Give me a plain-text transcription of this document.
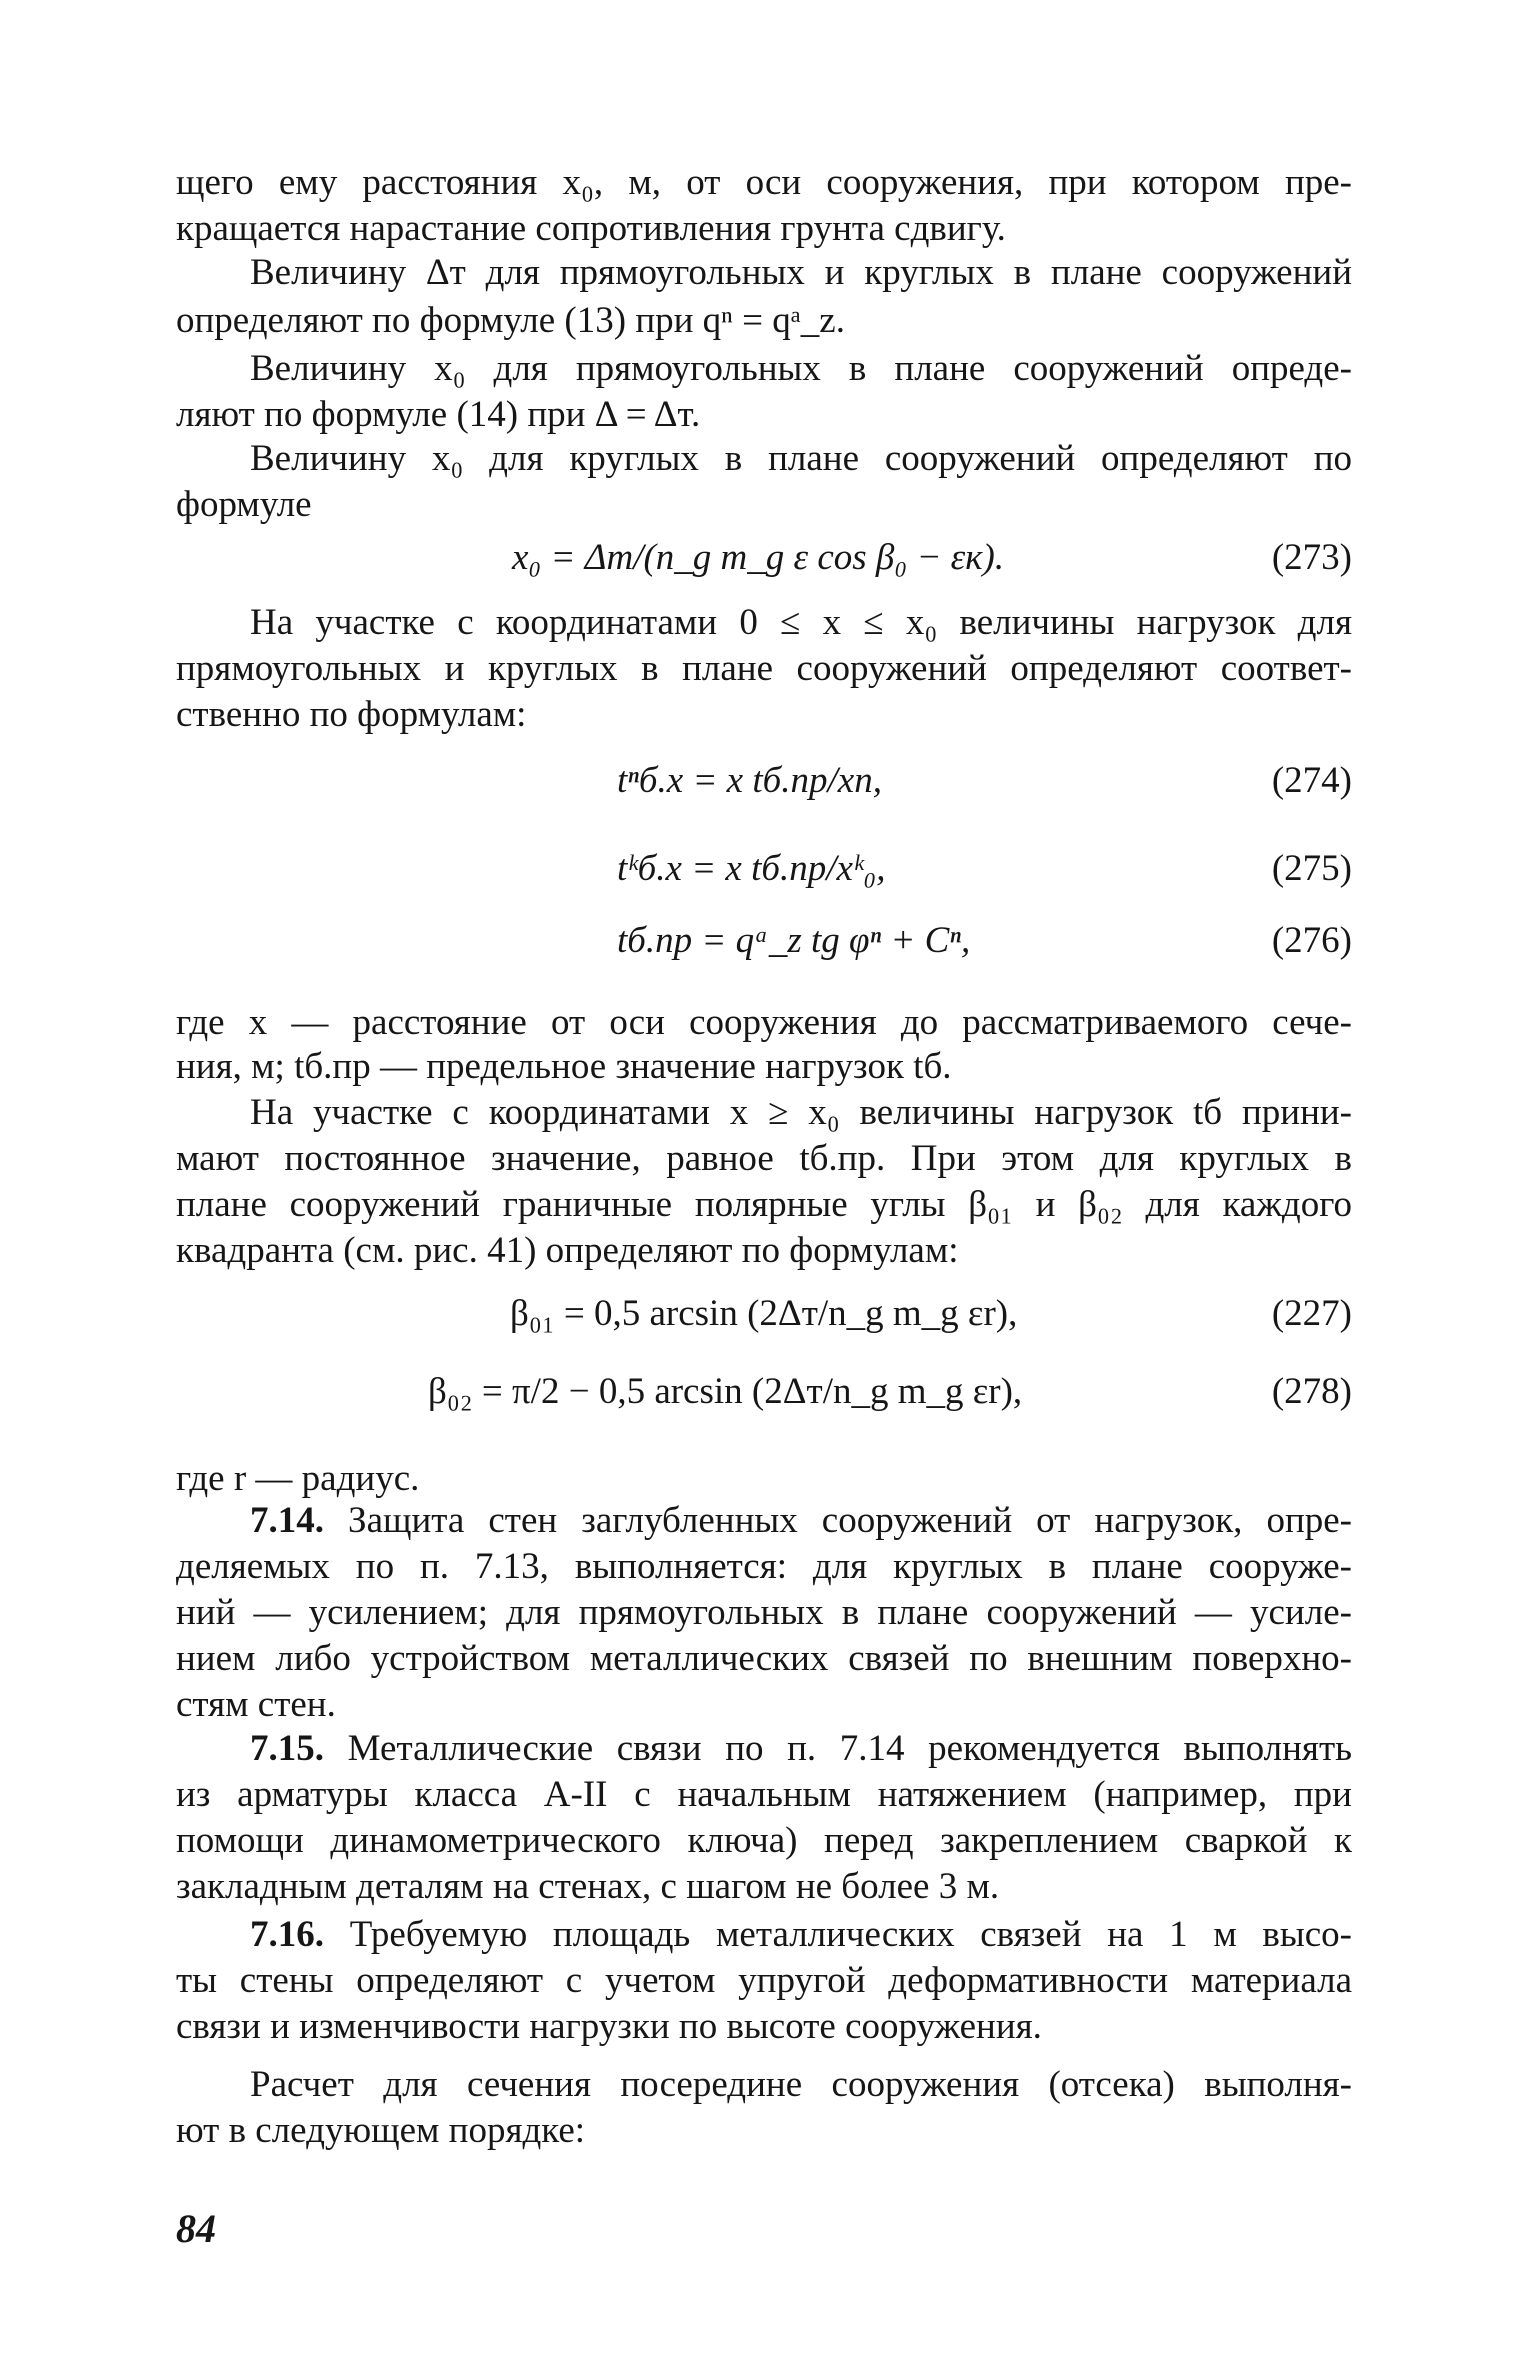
щего ему расстояния x₀, м, от оси сооружения, при котором пре-
кращается нарастание сопротивления грунта сдвигу.
Величину Δт для прямоугольных и круглых в плане сооружений
определяют по формуле (13) при qⁿ = qᵃ_z.
Величину x₀ для прямоугольных в плане сооружений опреде-
ляют по формуле (14) при Δ = Δт.
Величину x₀ для круглых в плане сооружений определяют по
формуле
x₀ = Δт/(n_g m_g ε cos β₀ − εк).	(273)
На участке с координатами 0 ≤ x ≤ x₀ величины нагрузок для
прямоугольных и круглых в плане сооружений определяют соответ-
ственно по формулам:
tⁿб.х = x tб.пр/xп,	(274)
tᵏб.х = x tб.пр/xᵏ₀,	(275)
tб.пр = qᵃ_z tg φⁿ + Cⁿ,	(276)
где x — расстояние от оси сооружения до рассматриваемого сече-
ния, м; tб.пр — предельное значение нагрузок tб.
На участке с координатами x ≥ x₀ величины нагрузок tб прини-
мают постоянное значение, равное tб.пр. При этом для круглых в
плане сооружений граничные полярные углы β₀₁ и β₀₂ для каждого
квадранта (см. рис. 41) определяют по формулам:
β₀₁ = 0,5 arcsin (2Δт/n_g m_g εr),	(227)
β₀₂ = π/2 − 0,5 arcsin (2Δт/n_g m_g εr),	(278)
где r — радиус.
7.14. Защита стен заглубленных сооружений от нагрузок, опре-
деляемых по п. 7.13, выполняется: для круглых в плане сооруже-
ний — усилением; для прямоугольных в плане сооружений — усиле-
нием либо устройством металлических связей по внешним поверхно-
стям стен.
7.15. Металлические связи по п. 7.14 рекомендуется выполнять
из арматуры класса А-II с начальным натяжением (например, при
помощи динамометрического ключа) перед закреплением сваркой к
закладным деталям на стенах, с шагом не более 3 м.
7.16. Требуемую площадь металлических связей на 1 м высо-
ты стены определяют с учетом упругой деформативности материала
связи и изменчивости нагрузки по высоте сооружения.
Расчет для сечения посередине сооружения (отсека) выполня-
ют в следующем порядке:
84
